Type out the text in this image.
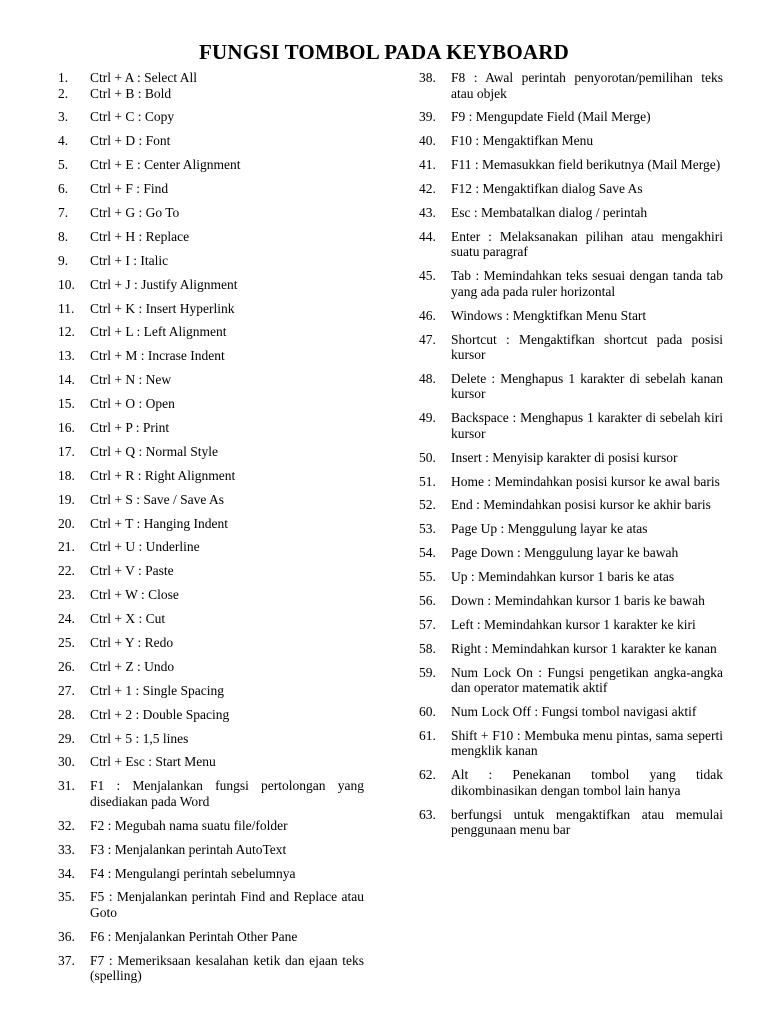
FUNGSI TOMBOL PADA KEYBOARD
1. Ctrl + A : Select All
2. Ctrl + B : Bold
3. Ctrl + C : Copy
4. Ctrl + D : Font
5. Ctrl + E : Center Alignment
6. Ctrl + F : Find
7. Ctrl + G : Go To
8. Ctrl + H : Replace
9. Ctrl + I : Italic
10. Ctrl + J : Justify Alignment
11. Ctrl + K : Insert Hyperlink
12. Ctrl + L : Left Alignment
13. Ctrl + M : Incrase Indent
14. Ctrl + N : New
15. Ctrl + O : Open
16. Ctrl + P : Print
17. Ctrl + Q : Normal Style
18. Ctrl + R : Right Alignment
19. Ctrl + S : Save / Save As
20. Ctrl + T : Hanging Indent
21. Ctrl + U : Underline
22. Ctrl + V : Paste
23. Ctrl + W : Close
24. Ctrl + X : Cut
25. Ctrl + Y : Redo
26. Ctrl + Z : Undo
27. Ctrl + 1 : Single Spacing
28. Ctrl + 2 : Double Spacing
29. Ctrl + 5 : 1,5 lines
30. Ctrl + Esc : Start Menu
31. F1 : Menjalankan fungsi pertolongan yang disediakan pada Word
32. F2 : Megubah nama suatu file/folder
33. F3 : Menjalankan perintah AutoText
34. F4 : Mengulangi perintah sebelumnya
35. F5 : Menjalankan perintah Find and Replace atau Goto
36. F6 : Menjalankan Perintah Other Pane
37. F7 : Memeriksaan kesalahan ketik dan ejaan teks (spelling)
38. F8 : Awal perintah penyorotan/pemilihan teks atau objek
39. F9 : Mengupdate Field (Mail Merge)
40. F10 : Mengaktifkan Menu
41. F11 : Memasukkan field berikutnya (Mail Merge)
42. F12 : Mengaktifkan dialog Save As
43. Esc : Membatalkan dialog / perintah
44. Enter : Melaksanakan pilihan atau mengakhiri suatu paragraf
45. Tab : Memindahkan teks sesuai dengan tanda tab yang ada pada ruler horizontal
46. Windows : Mengktifkan Menu Start
47. Shortcut : Mengaktifkan shortcut pada posisi kursor
48. Delete : Menghapus 1 karakter di sebelah kanan kursor
49. Backspace : Menghapus 1 karakter di sebelah kiri kursor
50. Insert : Menyisip karakter di posisi kursor
51. Home : Memindahkan posisi kursor ke awal baris
52. End : Memindahkan posisi kursor ke akhir baris
53. Page Up : Menggulung layar ke atas
54. Page Down : Menggulung layar ke bawah
55. Up : Memindahkan kursor 1 baris ke atas
56. Down : Memindahkan kursor 1 baris ke bawah
57. Left : Memindahkan kursor 1 karakter ke kiri
58. Right : Memindahkan kursor 1 karakter ke kanan
59. Num Lock On : Fungsi pengetikan angka-angka dan operator matematik aktif
60. Num Lock Off : Fungsi tombol navigasi aktif
61. Shift + F10 : Membuka menu pintas, sama seperti mengklik kanan
62. Alt : Penekanan tombol yang tidak dikombinasikan dengan tombol lain hanya
63. berfungsi untuk mengaktifkan atau memulai penggunaan menu bar
